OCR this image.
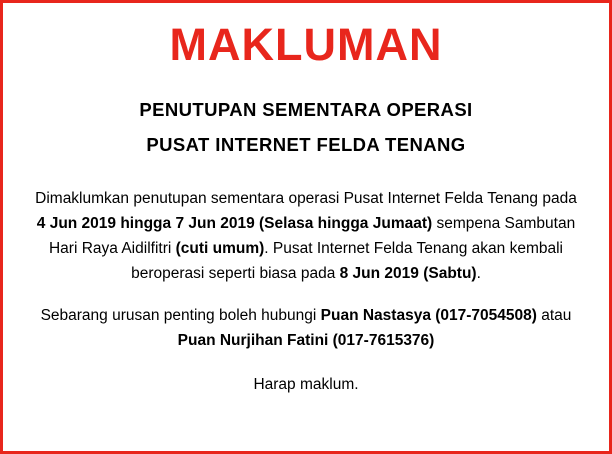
MAKLUMAN
PENUTUPAN SEMENTARA OPERASI
PUSAT INTERNET FELDA TENANG

Dimaklumkan penutupan sementara operasi Pusat Internet Felda Tenang pada 4 Jun 2019 hingga 7 Jun 2019 (Selasa hingga Jumaat) sempena Sambutan Hari Raya Aidilfitri (cuti umum). Pusat Internet Felda Tenang akan kembali beroperasi seperti biasa pada 8 Jun 2019 (Sabtu).

Sebarang urusan penting boleh hubungi Puan Nastasya (017-7054508) atau Puan Nurjihan Fatini (017-7615376)

Harap maklum.
